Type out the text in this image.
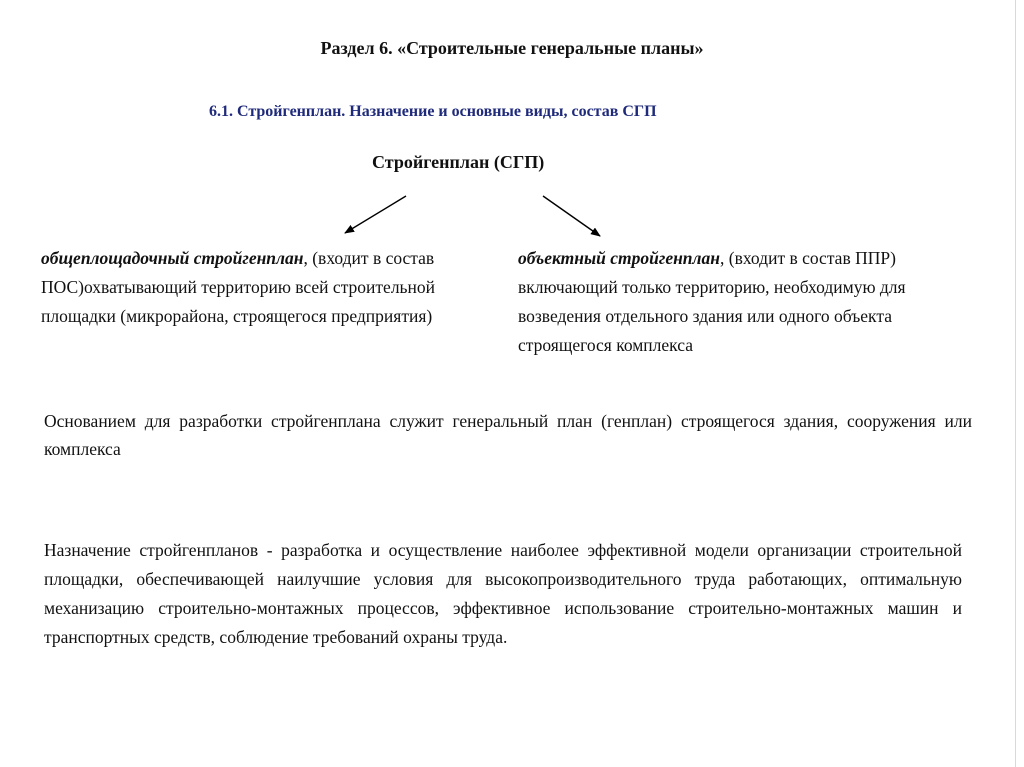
Раздел 6. «Строительные генеральные планы»
6.1. Стройгенплан. Назначение и основные виды, состав СГП
Стройгенплан (СГП)
общеплощадочный стройгенплан, (входит в состав ПОС)охватывающий территорию всей строительной площадки (микрорайона, строящегося предприятия)
объектный стройгенплан, (входит в состав ППР) включающий только территорию, необходимую для возведения отдельного здания или одного объекта строящегося комплекса
Основанием для разработки стройгенплана служит генеральный план (генплан) строящегося здания, сооружения или комплекса
Назначение стройгенпланов - разработка и осуществление наиболее эффективной модели организации строительной площадки, обеспечивающей наилучшие условия для высокопроизводительного труда работающих, оптимальную механизацию строительно-монтажных процессов, эффективное использование строительно-монтажных машин и транспортных средств, соблюдение требований охраны труда.
